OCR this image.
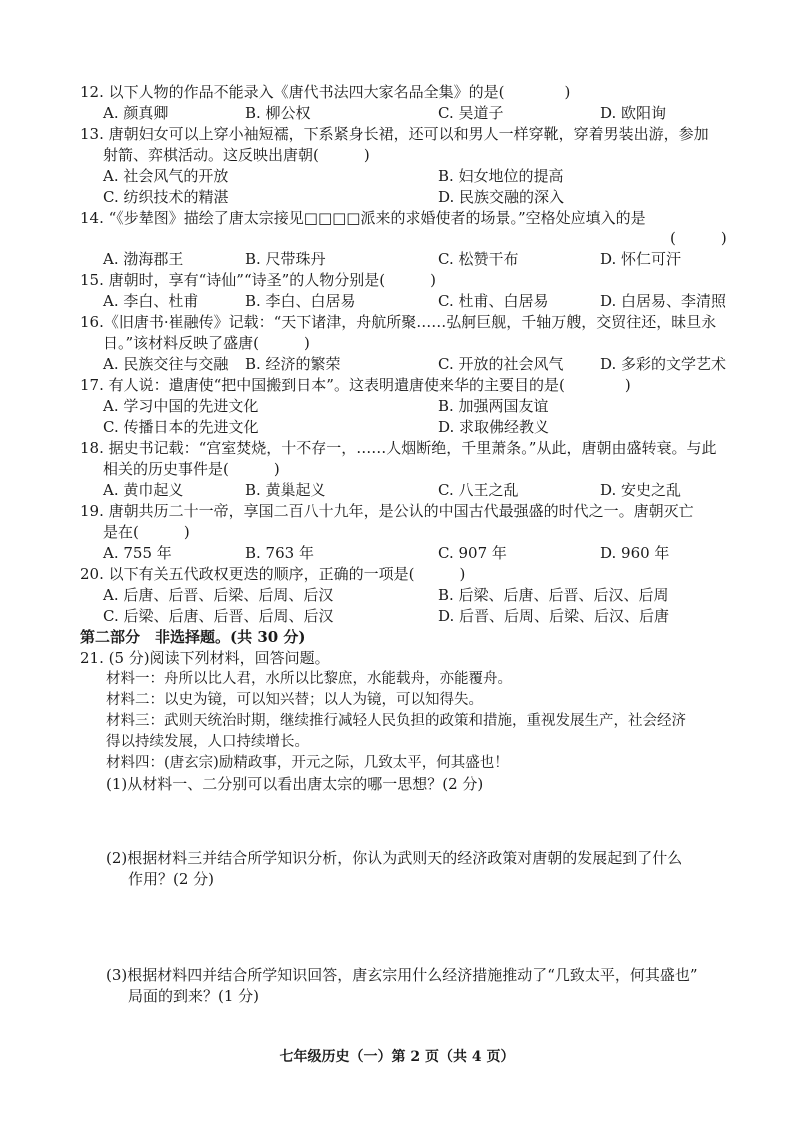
12. 以下人物的作品不能录入《唐代书法四大家名品全集》的是(　　　　)
A. 颜真卿	B. 柳公权	C. 吴道子	D. 欧阳询
13. 唐朝妇女可以上穿小袖短襦，下系紧身长裙，还可以和男人一样穿靴，穿着男装出游，参加
射箭、弈棋活动。这反映出唐朝(　　　)
A. 社会风气的开放	B. 妇女地位的提高
C. 纺织技术的精湛	D. 民族交融的深入
14. “《步辇图》描绘了唐太宗接见□□□□派来的求婚使者的场景。”空格处应填入的是
(　　　)
A. 渤海郡王	B. 尺带珠丹	C. 松赞干布	D. 怀仁可汗
15. 唐朝时，享有“诗仙”“诗圣”的人物分别是(　　　)
A. 李白、杜甫	B. 李白、白居易	C. 杜甫、白居易	D. 白居易、李清照
16.《旧唐书·崔融传》记载：“天下诸津，舟航所聚……弘舸巨舰，千轴万艘，交贸往还，昧旦永
日。”该材料反映了盛唐(　　　)
A. 民族交往与交融 B. 经济的繁荣	C. 开放的社会风气 D. 多彩的文学艺术
17. 有人说：遣唐使“把中国搬到日本”。这表明遣唐使来华的主要目的是(　　　　)
A. 学习中国的先进文化	B. 加强两国友谊
C. 传播日本的先进文化	D. 求取佛经教义
18. 据史书记载：“宫室焚烧，十不存一，……人烟断绝，千里萧条。”从此，唐朝由盛转衰。与此
相关的历史事件是(　　　)
A. 黄巾起义	B. 黄巢起义	C. 八王之乱	D. 安史之乱
19. 唐朝共历二十一帝，享国二百八十九年，是公认的中国古代最强盛的时代之一。唐朝灭亡
是在(　　　)
A. 755 年	B. 763 年	C. 907 年	D. 960 年
20. 以下有关五代政权更迭的顺序，正确的一项是(　　　)
A. 后唐、后晋、后梁、后周、后汉	B. 后梁、后唐、后晋、后汉、后周
C. 后梁、后唐、后晋、后周、后汉	D. 后晋、后周、后梁、后汉、后唐
第二部分　非选择题。(共 30 分)
21. (5 分)阅读下列材料，回答问题。
材料一：舟所以比人君，水所以比黎庶，水能载舟，亦能覆舟。
材料二：以史为镜，可以知兴替；以人为镜，可以知得失。
材料三：武则天统治时期，继续推行减轻人民负担的政策和措施，重视发展生产，社会经济
得以持续发展，人口持续增长。
材料四：(唐玄宗)励精政事，开元之际，几致太平，何其盛也！
(1)从材料一、二分别可以看出唐太宗的哪一思想？(2 分)
(2)根据材料三并结合所学知识分析，你认为武则天的经济政策对唐朝的发展起到了什么
作用？(2 分)
(3)根据材料四并结合所学知识回答，唐玄宗用什么经济措施推动了“几致太平，何其盛也”
局面的到来？(1 分)
七年级历史（一）第 2 页（共 4 页）
